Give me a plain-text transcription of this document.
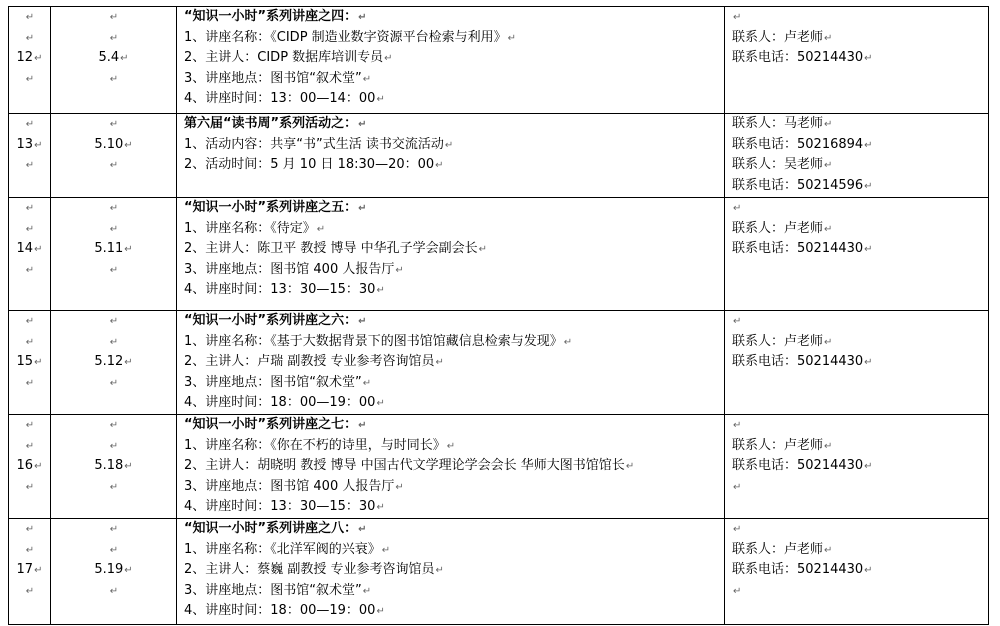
↵
↵
12↵
↵	↵
↵
5.4↵
↵	“知识一小时”系列讲座之四：↵
1、讲座名称：《CIDP 制造业数字资源平台检索与利用》↵
2、主讲人：CIDP 数据库培训专员↵
3、讲座地点：图书馆“叙术堂”↵
4、讲座时间：13：00—14：00↵	↵
联系人：卢老师↵
联系电话：50214430↵

↵
13↵
↵	↵
5.10↵
↵	第六届“读书周”系列活动之：↵
1、活动内容：共享“书”式生活 读书交流活动↵
2、活动时间：5 月 10 日 18:30—20：00↵	联系人：马老师↵
联系电话：50216894↵
联系人：吴老师↵
联系电话：50214596↵

↵
↵
14↵
↵	↵
↵
5.11↵
↵	“知识一小时”系列讲座之五：↵
1、讲座名称：《待定》↵
2、主讲人：陈卫平 教授 博导 中华孔子学会副会长↵
3、讲座地点：图书馆 400 人报告厅↵
4、讲座时间：13：30—15：30↵	↵
联系人：卢老师↵
联系电话：50214430↵

↵
↵
15↵
↵	↵
↵
5.12↵
↵	“知识一小时”系列讲座之六：↵
1、讲座名称：《基于大数据背景下的图书馆馆藏信息检索与发现》↵
2、主讲人：卢瑞 副教授 专业参考咨询馆员↵
3、讲座地点：图书馆“叙术堂”↵
4、讲座时间：18：00—19：00↵	↵
联系人：卢老师↵
联系电话：50214430↵

↵
↵
16↵
↵	↵
↵
5.18↵
↵	“知识一小时”系列讲座之七：↵
1、讲座名称：《你在不朽的诗里，与时同长》↵
2、主讲人：胡晓明 教授 博导 中国古代文学理论学会会长 华师大图书馆馆长↵
3、讲座地点：图书馆 400 人报告厅↵
4、讲座时间：13：30—15：30↵	↵
联系人：卢老师↵
联系电话：50214430↵
↵

↵
↵
17↵
↵	↵
↵
5.19↵
↵	“知识一小时”系列讲座之八：↵
1、讲座名称：《北洋军阀的兴衰》↵
2、主讲人：蔡巍 副教授 专业参考咨询馆员↵
3、讲座地点：图书馆“叙术堂”↵
4、讲座时间：18：00—19：00↵	↵
联系人：卢老师↵
联系电话：50214430↵
↵
